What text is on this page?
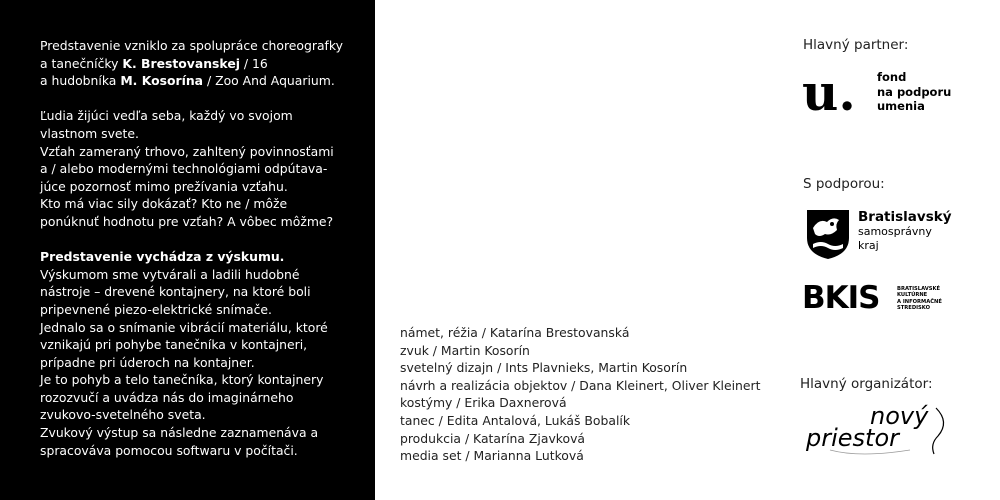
Predstavenie vzniklo za spolupráce choreografky
a tanečníčky K. Brestovanskej / 16
a hudobníka M. Kosorína / Zoo And Aquarium.

Ľudia žijúci vedľa seba, každý vo svojom
vlastnom svete.
Vzťah zameraný trhovo, zahltený povinnosťami
a / alebo modernými technológiami odpútava-
júce pozornosť mimo prežívania vzťahu.
Kto má viac sily dokázať? Kto ne / môže
ponúknuť hodnotu pre vzťah? A vôbec môžme?

Predstavenie vychádza z výskumu.
Výskumom sme vytvárali a ladili hudobné
nástroje – drevené kontajnery, na ktoré boli
pripevnené piezo-elektrické snímače.
Jednalo sa o snímanie vibrácií materiálu, ktoré
vznikajú pri pohybe tanečníka v kontajneri,
prípadne pri úderoch na kontajner.
Je to pohyb a telo tanečníka, ktorý kontajnery
rozozvučí a uvádza nás do imaginárneho
zvukovo-svetelného sveta.
Zvukový výstup sa následne zaznamenáva a
spracováva pomocou softwaru v počítači.

námet, réžia / Katarína Brestovanská
zvuk / Martin Kosorín
svetelný dizajn / Ints Plavnieks, Martin Kosorín
návrh a realizácia objektov / Dana Kleinert, Oliver Kleinert
kostýmy / Erika Daxnerová
tanec / Edita Antalová, Lukáš Bobalík
produkcia / Katarína Zjavková
media set / Marianna Lutková
Hlavný partner:
u. fond
na podporu
umenia
S podporou:
Bratislavský
samosprávny
kraj
BKIS	BRATISLAVSKÉ
KULTÚRNE
A INFORMAČNÉ
STREDISKO
Hlavný organizátor:
nový
priestor
